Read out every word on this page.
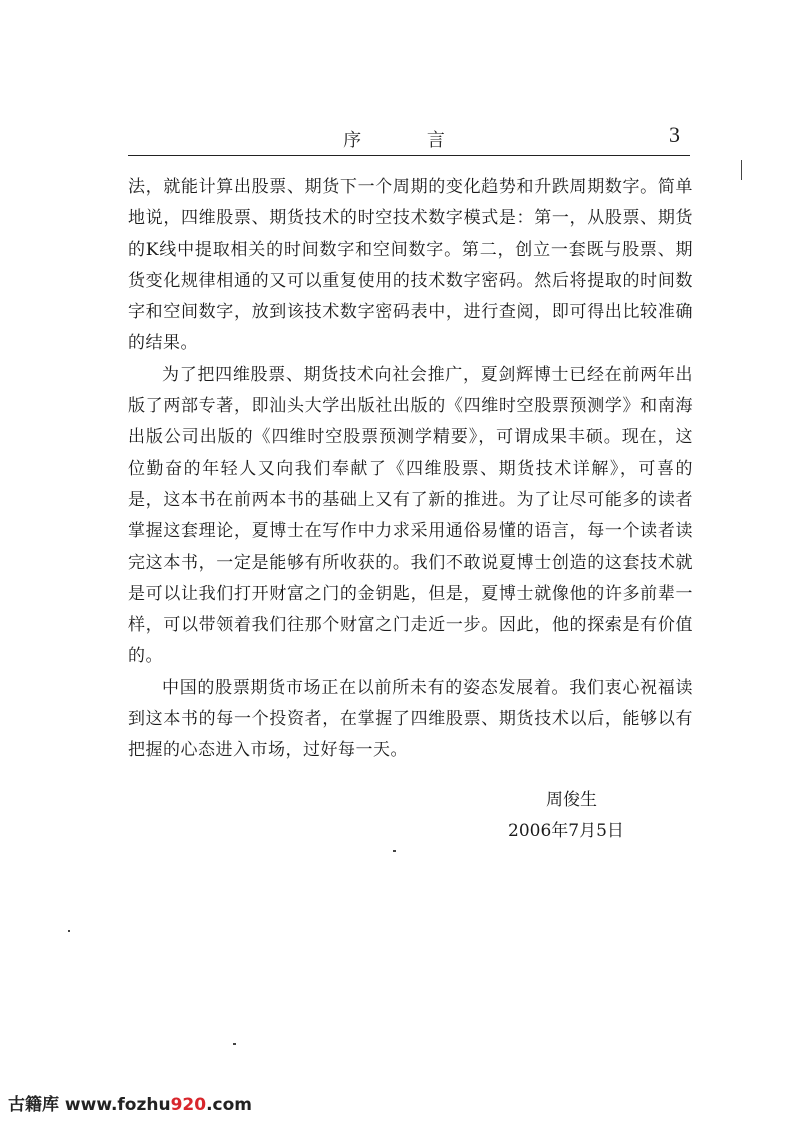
序 言	3

法，就能计算出股票、期货下一个周期的变化趋势和升跌周期数字。简单地说，四维股票、期货技术的时空技术数字模式是：第一，从股票、期货的K线中提取相关的时间数字和空间数字。第二，创立一套既与股票、期货变化规律相通的又可以重复使用的技术数字密码。然后将提取的时间数字和空间数字，放到该技术数字密码表中，进行查阅，即可得出比较准确的结果。

为了把四维股票、期货技术向社会推广，夏剑辉博士已经在前两年出版了两部专著，即汕头大学出版社出版的《四维时空股票预测学》和南海出版公司出版的《四维时空股票预测学精要》，可谓成果丰硕。现在，这位勤奋的年轻人又向我们奉献了《四维股票、期货技术详解》，可喜的是，这本书在前两本书的基础上又有了新的推进。为了让尽可能多的读者掌握这套理论，夏博士在写作中力求采用通俗易懂的语言，每一个读者读完这本书，一定是能够有所收获的。我们不敢说夏博士创造的这套技术就是可以让我们打开财富之门的金钥匙，但是，夏博士就像他的许多前辈一样，可以带领着我们往那个财富之门走近一步。因此，他的探索是有价值的。

中国的股票期货市场正在以前所未有的姿态发展着。我们衷心祝福读到这本书的每一个投资者，在掌握了四维股票、期货技术以后，能够以有把握的心态进入市场，过好每一天。

周俊生
2006年7月5日
古籍库 www.fozhu920.com
